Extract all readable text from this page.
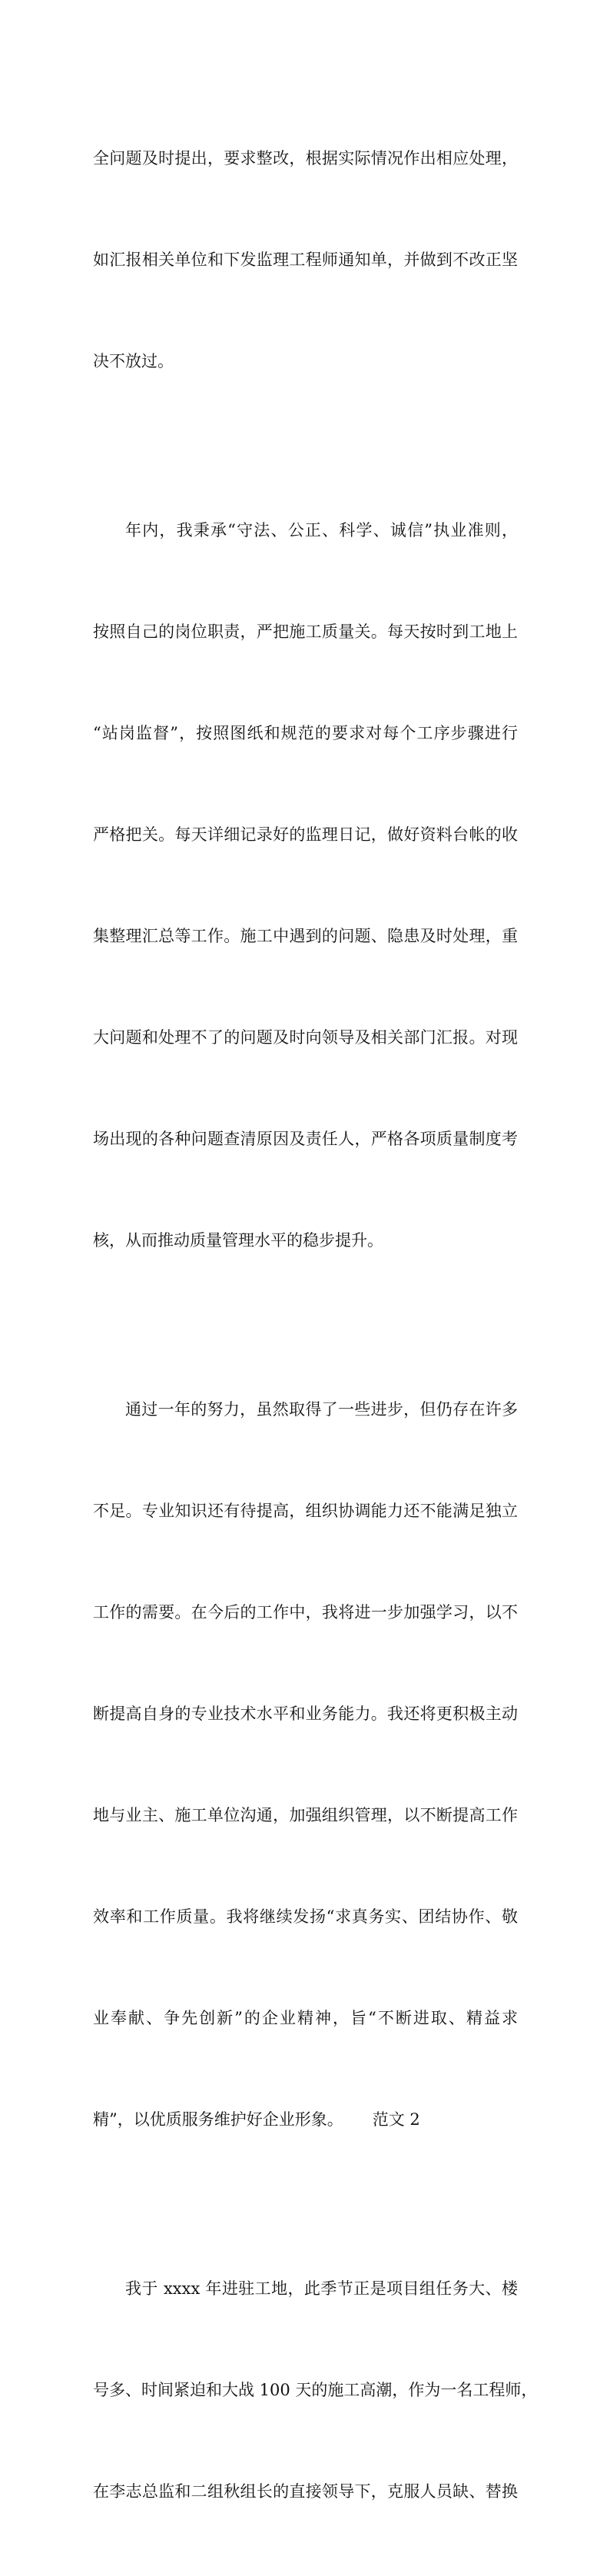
全问题及时提出，要求整改，根据实际情况作出相应处理，

如汇报相关单位和下发监理工程师通知单，并做到不改正坚

决不放过。

年内，我秉承“守法、公正、科学、诚信”执业准则，

按照自己的岗位职责，严把施工质量关。每天按时到工地上

“站岗监督”，按照图纸和规范的要求对每个工序步骤进行

严格把关。每天详细记录好的监理日记，做好资料台帐的收

集整理汇总等工作。施工中遇到的问题、隐患及时处理，重

大问题和处理不了的问题及时向领导及相关部门汇报。对现

场出现的各种问题查清原因及责任人，严格各项质量制度考

核，从而推动质量管理水平的稳步提升。

通过一年的努力，虽然取得了一些进步，但仍存在许多

不足。专业知识还有待提高，组织协调能力还不能满足独立

工作的需要。在今后的工作中，我将进一步加强学习，以不

断提高自身的专业技术水平和业务能力。我还将更积极主动

地与业主、施工单位沟通，加强组织管理，以不断提高工作

效率和工作质量。我将继续发扬“求真务实、团结协作、敬

业奉献、争先创新”的企业精神，旨“不断进取、精益求

精”，以优质服务维护好企业形象。 范文 2

我于 xxxx 年进驻工地，此季节正是项目组任务大、楼

号多、时间紧迫和大战 100 天的施工高潮，作为一名工程师，

在李志总监和二组秋组长的直接领导下，克服人员缺、替换
